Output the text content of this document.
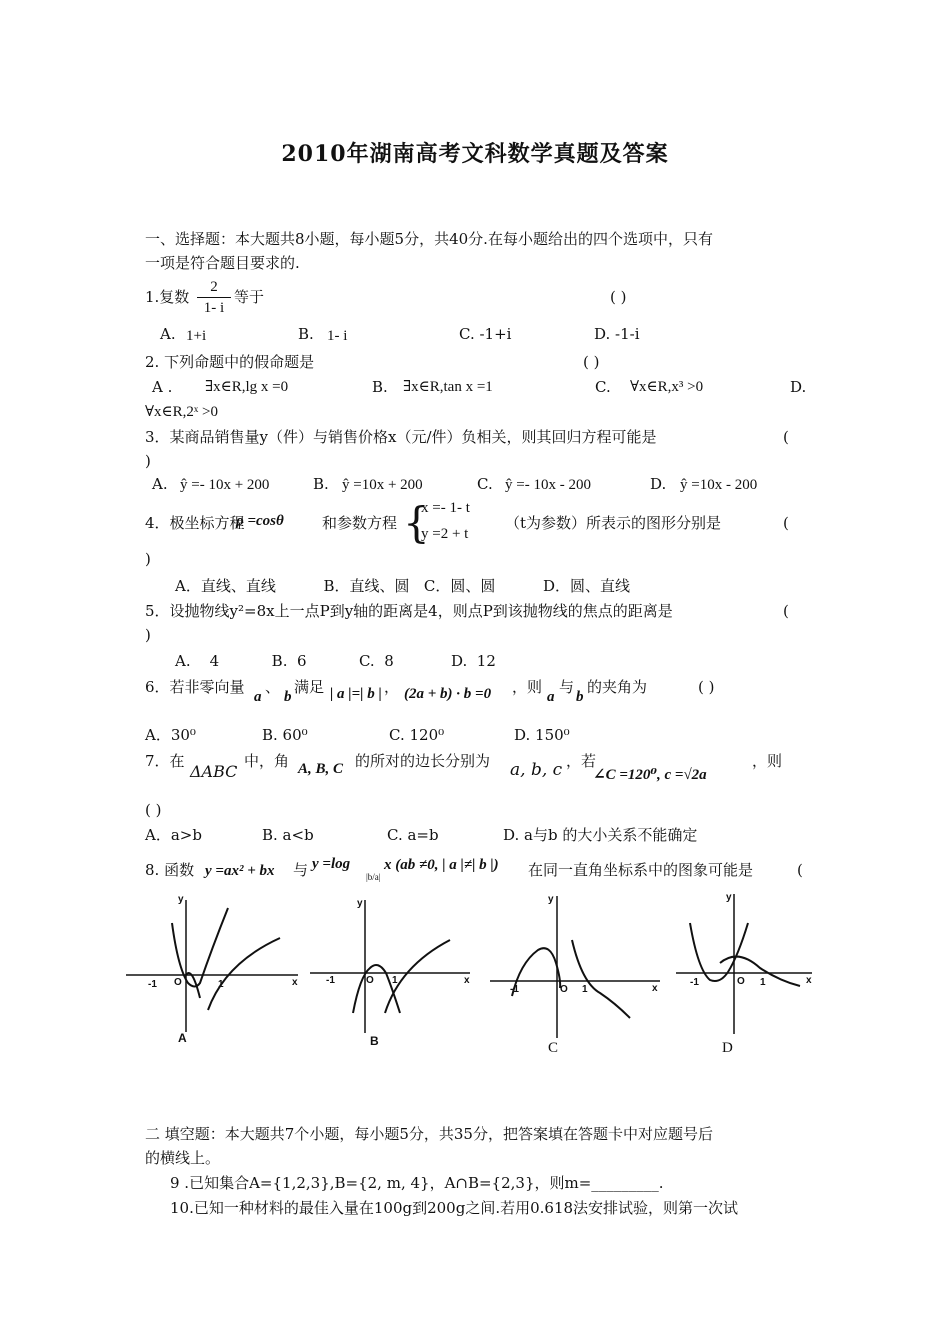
2010年湖南高考文科数学真题及答案
一、选择题：本大题共8小题，每小题5分，共40分.在每小题给出的四个选项中，只有
一项是符合题目要求的.
1.复数
2
1- i
等于	( )
A. 1+i	B. 1- i	C. -1+i	D. -1-i
2. 下列命题中的假命题是	( )
A . ∃x∈R,lg x =0	B. ∃x∈R,tan x =1	C. ∀x∈R,x³ >0	D.
∀x∈R,2ˣ >0
3．某商品销售量y（件）与销售价格x（元/件）负相关，则其回归方程可能是	(
)
A. ŷ =- 10x + 200	B. ŷ =10x + 200	C. ŷ =- 10x - 200	D. ŷ =10x - 200
4．极坐标方程
ρ =cosθ	和参数方程 {
x =- 1- t
y =2 + t
（t为参数）所表示的图形分别是	(
)
A．直线、直线          B．直线、圆   C．圆、圆          D．圆、直线
5．设抛物线y²=8x上一点P到y轴的距离是4，则点P到该抛物线的焦点的距离是	(
)
A.    4           B.  6           C.  8            D.  12
6．若非零向量
a
、
b
满足 | a |=| b | ， (2a + b) · b =0 ，则
a
与
b
的夹角为	( )
A．30⁰	B. 60⁰	C. 120⁰	D. 150⁰
7．在
ΔABC
中，角 A, B, C 的所对的边长分别为 a, b, c ，若
∠C =120⁰, c =√2a
，则
( )
A．a>b	B. a<b	C. a=b	D. a与b 的大小关系不能确定
8. 函数 y =ax² + bx 与 y =log
|b/a|
x (ab ≠0, | a |≠| b |) 在同一直角坐标系中的图象可能是	(
y
x
O
-1	1
A
y
x
O
-1	1
B
y
x
O
-1	1
y
x
O
-1	1
C	D
二 填空题：本大题共7个小题，每小题5分，共35分，把答案填在答题卡中对应题号后
的横线上。
9 .已知集合A={1,2,3},B={2, m, 4}，A∩B={2,3}，则m=_________.
10.已知一种材料的最佳入量在100g到200g之间.若用0.618法安排试验，则第一次试
